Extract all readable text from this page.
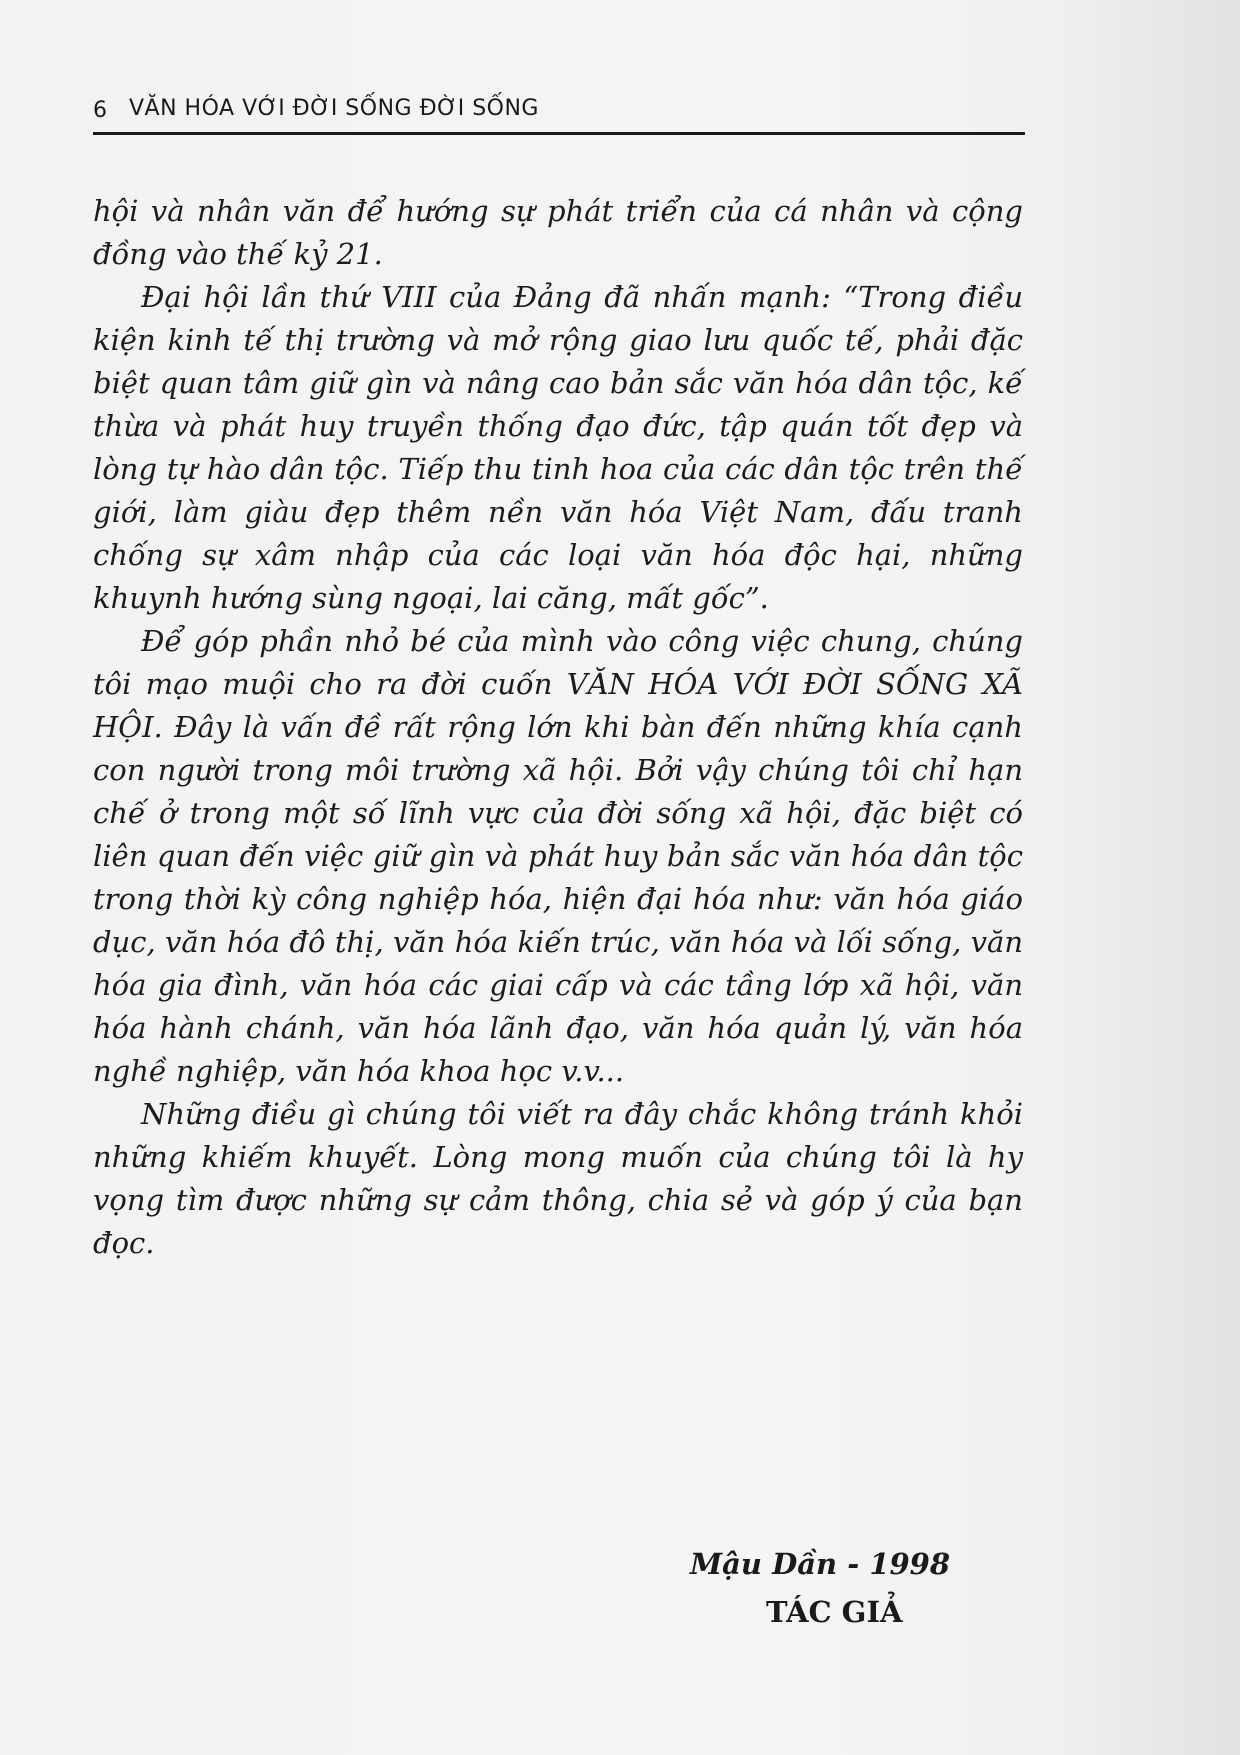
6 VĂN HÓA VỚI ĐỜI SỐNG ĐỜI SỐNG

hội và nhân văn để hướng sự phát triển của cá nhân và cộng đồng vào thế kỷ 21.

Đại hội lần thứ VIII của Đảng đã nhấn mạnh: “Trong điều kiện kinh tế thị trường và mở rộng giao lưu quốc tế, phải đặc biệt quan tâm giữ gìn và nâng cao bản sắc văn hóa dân tộc, kế thừa và phát huy truyền thống đạo đức, tập quán tốt đẹp và lòng tự hào dân tộc. Tiếp thu tinh hoa của các dân tộc trên thế giới, làm giàu đẹp thêm nền văn hóa Việt Nam, đấu tranh chống sự xâm nhập của các loại văn hóa độc hại, những khuynh hướng sùng ngoại, lai căng, mất gốc”.

Để góp phần nhỏ bé của mình vào công việc chung, chúng tôi mạo muội cho ra đời cuốn VĂN HÓA VỚI ĐỜI SỐNG XÃ HỘI. Đây là vấn đề rất rộng lớn khi bàn đến những khía cạnh con người trong môi trường xã hội. Bởi vậy chúng tôi chỉ hạn chế ở trong một số lĩnh vực của đời sống xã hội, đặc biệt có liên quan đến việc giữ gìn và phát huy bản sắc văn hóa dân tộc trong thời kỳ công nghiệp hóa, hiện đại hóa như: văn hóa giáo dục, văn hóa đô thị, văn hóa kiến trúc, văn hóa và lối sống, văn hóa gia đình, văn hóa các giai cấp và các tầng lớp xã hội, văn hóa hành chánh, văn hóa lãnh đạo, văn hóa quản lý, văn hóa nghề nghiệp, văn hóa khoa học v.v...

Những điều gì chúng tôi viết ra đây chắc không tránh khỏi những khiếm khuyết. Lòng mong muốn của chúng tôi là hy vọng tìm được những sự cảm thông, chia sẻ và góp ý của bạn đọc.

Mậu Dần - 1998
TÁC GIẢ
